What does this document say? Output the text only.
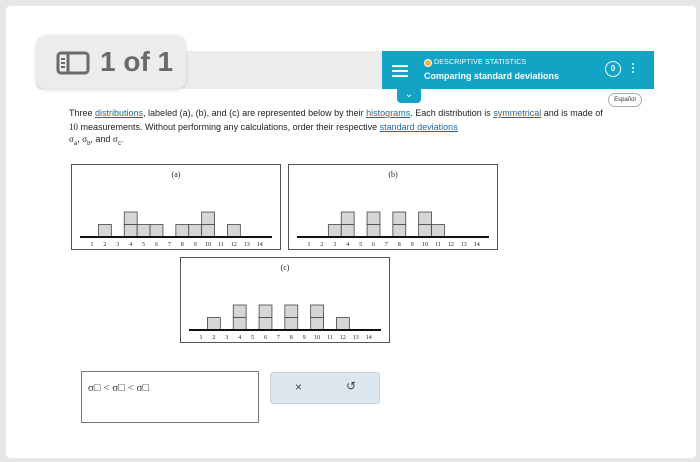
1 of 1	DESCRIPTIVE STATISTICS
Comparing standard deviations
0
⌄	Español
Three distributions, labeled (a), (b), and (c) are represented below by their histograms. Each distribution is symmetrical and is made of 10 measurements. Without performing any calculations, order their respective standard deviations
$\sigma_a$, $\sigma_b$, and $\sigma_c$.
(a)
1 2 3 4 5 6 7 8 9 10 11 12 13 14
(b)
1 2 3 4 5 6 7 8 9 10 11 12 13 14
(c)
1 2 3 4 5 6 7 8 9 10 11 12 13 14
σ□ < σ□ < σ□	×	↺
